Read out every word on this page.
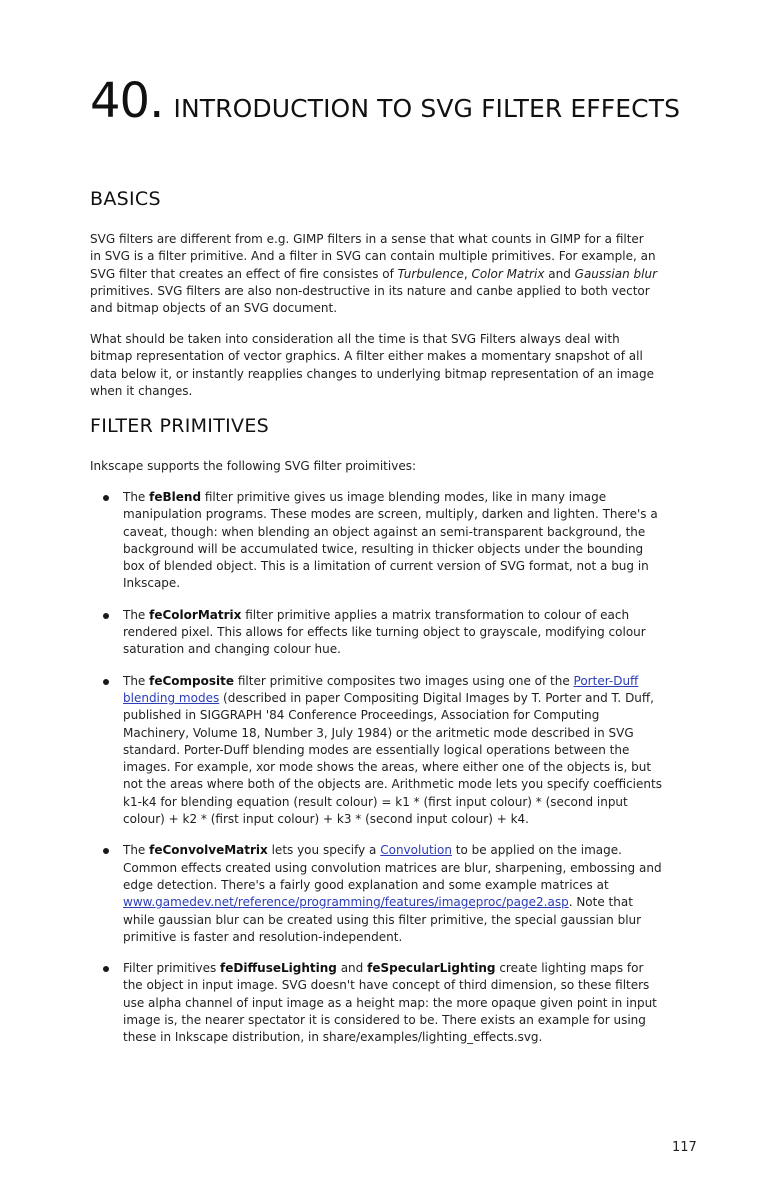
40. INTRODUCTION TO SVG FILTER EFFECTS
BASICS

SVG filters are different from e.g. GIMP filters in a sense that what counts in GIMP for a filter in SVG is a filter primitive. And a filter in SVG can contain multiple primitives. For example, an SVG filter that creates an effect of fire consistes of Turbulence, Color Matrix and Gaussian blur primitives. SVG filters are also non-destructive in its nature and canbe applied to both vector and bitmap objects of an SVG document.

What should be taken into consideration all the time is that SVG Filters always deal with bitmap representation of vector graphics. A filter either makes a momentary snapshot of all data below it, or instantly reapplies changes to underlying bitmap representation of an image when it changes.

FILTER PRIMITIVES

Inkscape supports the following SVG filter proimitives:

The feBlend filter primitive gives us image blending modes, like in many image manipulation programs. These modes are screen, multiply, darken and lighten. There's a caveat, though: when blending an object against an semi-transparent background, the background will be accumulated twice, resulting in thicker objects under the bounding box of blended object. This is a limitation of current version of SVG format, not a bug in Inkscape.
The feColorMatrix filter primitive applies a matrix transformation to colour of each rendered pixel. This allows for effects like turning object to grayscale, modifying colour saturation and changing colour hue.
The feComposite filter primitive composites two images using one of the Porter-Duff blending modes (described in paper Compositing Digital Images by T. Porter and T. Duff, published in SIGGRAPH '84 Conference Proceedings, Association for Computing Machinery, Volume 18, Number 3, July 1984) or the aritmetic mode described in SVG standard. Porter-Duff blending modes are essentially logical operations between the images. For example, xor mode shows the areas, where either one of the objects is, but not the areas where both of the objects are. Arithmetic mode lets you specify coefficients k1-k4 for blending equation (result colour) = k1 * (first input colour) * (second input colour) + k2 * (first input colour) + k3 * (second input colour) + k4.
The feConvolveMatrix lets you specify a Convolution to be applied on the image. Common effects created using convolution matrices are blur, sharpening, embossing and edge detection. There's a fairly good explanation and some example matrices at www.gamedev.net/reference/programming/features/imageproc/page2.asp. Note that while gaussian blur can be created using this filter primitive, the special gaussian blur primitive is faster and resolution-independent.
Filter primitives feDiffuseLighting and feSpecularLighting create lighting maps for the object in input image. SVG doesn't have concept of third dimension, so these filters use alpha channel of input image as a height map: the more opaque given point in input image is, the nearer spectator it is considered to be. There exists an example for using these in Inkscape distribution, in share/examples/lighting_effects.svg.
117
